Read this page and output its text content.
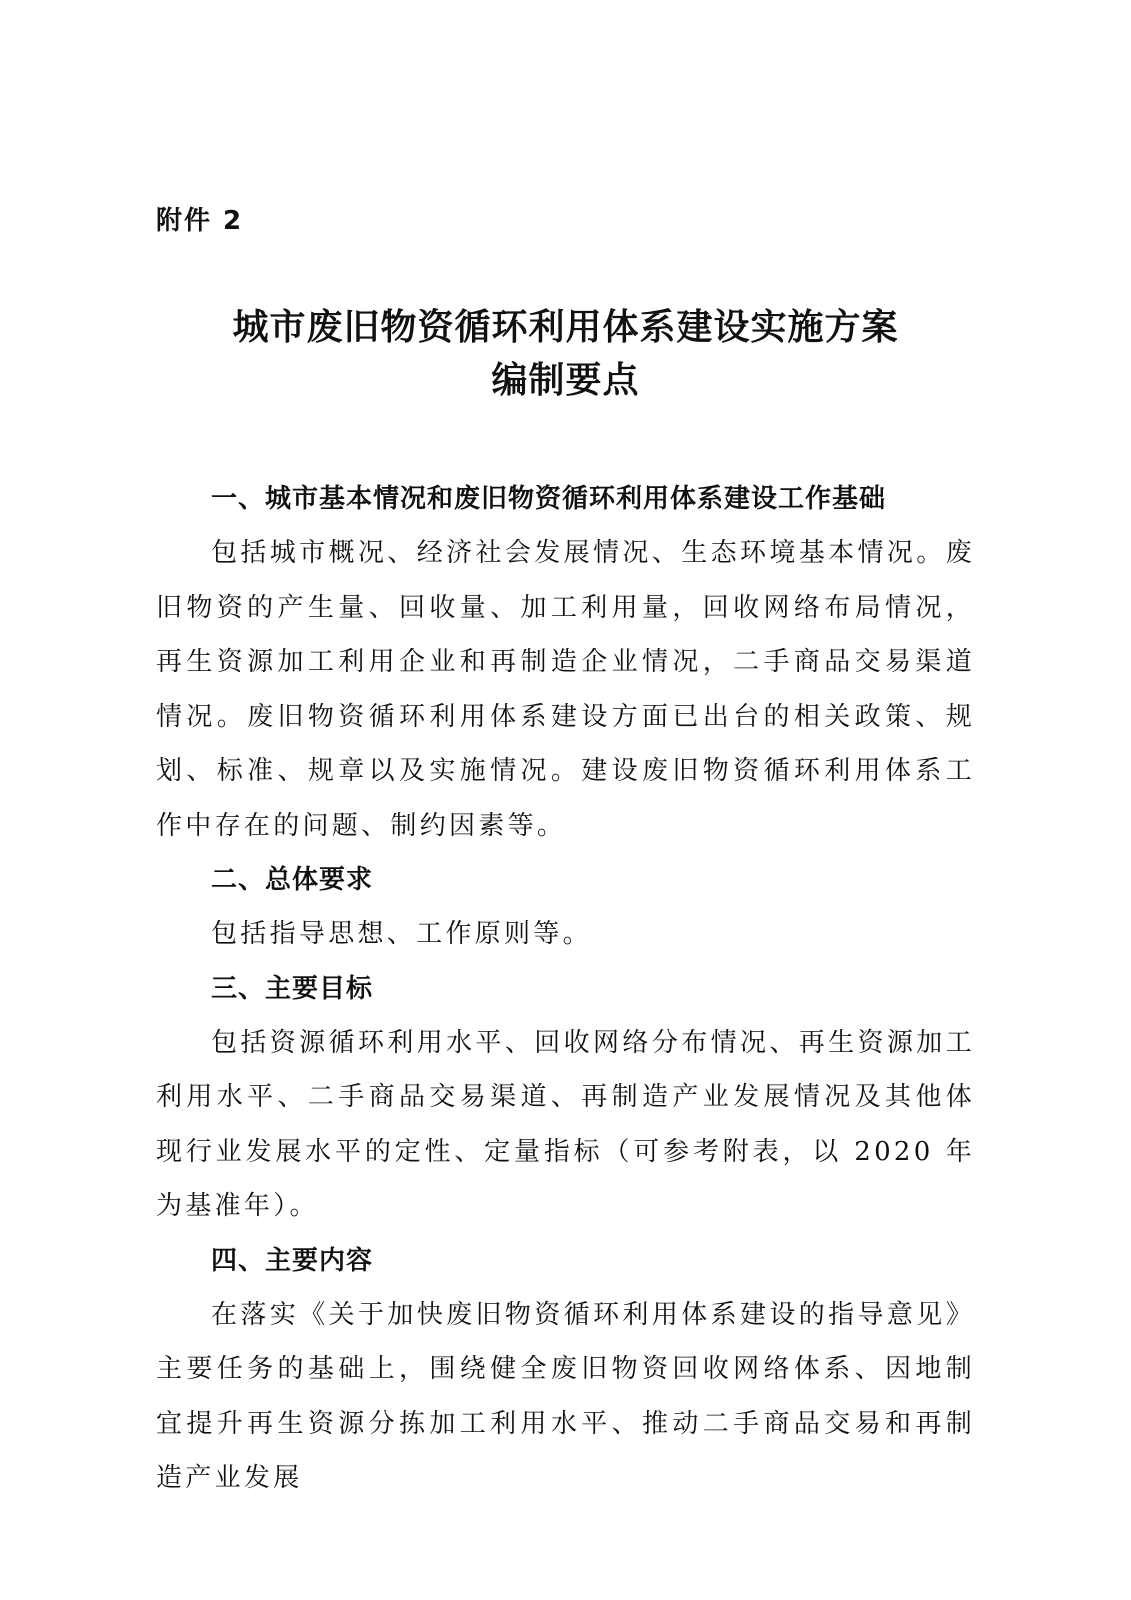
附件 2
城市废旧物资循环利用体系建设实施方案
编制要点

一、城市基本情况和废旧物资循环利用体系建设工作基础

包括城市概况、经济社会发展情况、生态环境基本情况。废旧物资的产生量、回收量、加工利用量，回收网络布局情况，再生资源加工利用企业和再制造企业情况，二手商品交易渠道情况。废旧物资循环利用体系建设方面已出台的相关政策、规划、标准、规章以及实施情况。建设废旧物资循环利用体系工作中存在的问题、制约因素等。

二、总体要求

包括指导思想、工作原则等。

三、主要目标

包括资源循环利用水平、回收网络分布情况、再生资源加工利用水平、二手商品交易渠道、再制造产业发展情况及其他体现行业发展水平的定性、定量指标（可参考附表，以 2020 年为基准年）。

四、主要内容

在落实《关于加快废旧物资循环利用体系建设的指导意见》主要任务的基础上，围绕健全废旧物资回收网络体系、因地制宜提升再生资源分拣加工利用水平、推动二手商品交易和再制造产业发展
